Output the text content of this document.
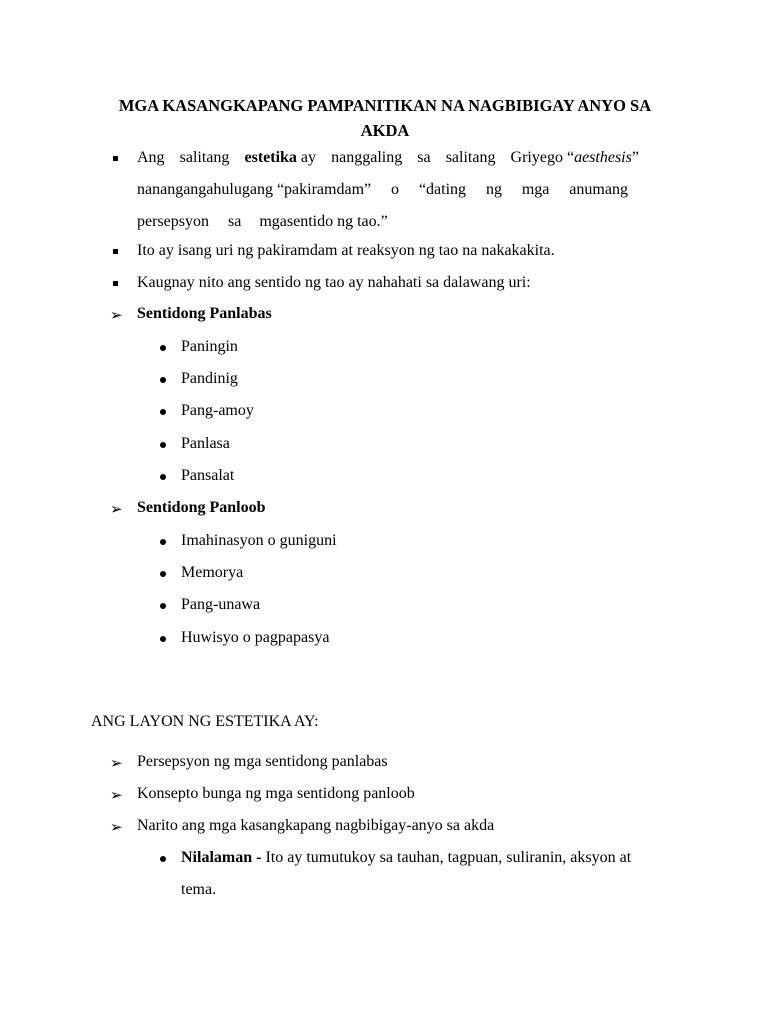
MGA KASANGKAPANG PAMPANITIKAN NA NAGBIBIGAY ANYO SA AKDA
Ang salitang estetika ay nanggaling sa salitang Griyego “aesthesis”
nanangangahulugang “pakiramdam” o “dating ng mga anumang
persepsyon sa mgasentido ng tao.”
Ito ay isang uri ng pakiramdam at reaksyon ng tao na nakakakita.
Kaugnay nito ang sentido ng tao ay nahahati sa dalawang uri:
➢ Sentidong Panlabas
Paningin
Pandinig
Pang-amoy
Panlasa
Pansalat
➢ Sentidong Panloob
Imahinasyon o guniguni
Memorya
Pang-unawa
Huwisyo o pagpapasya
ANG LAYON NG ESTETIKA AY:
➢ Persepsyon ng mga sentidong panlabas
➢ Konsepto bunga ng mga sentidong panloob
➢ Narito ang mga kasangkapang nagbibigay-anyo sa akda
Nilalaman - Ito ay tumutukoy sa tauhan, tagpuan, suliranin, aksyon at
tema.
